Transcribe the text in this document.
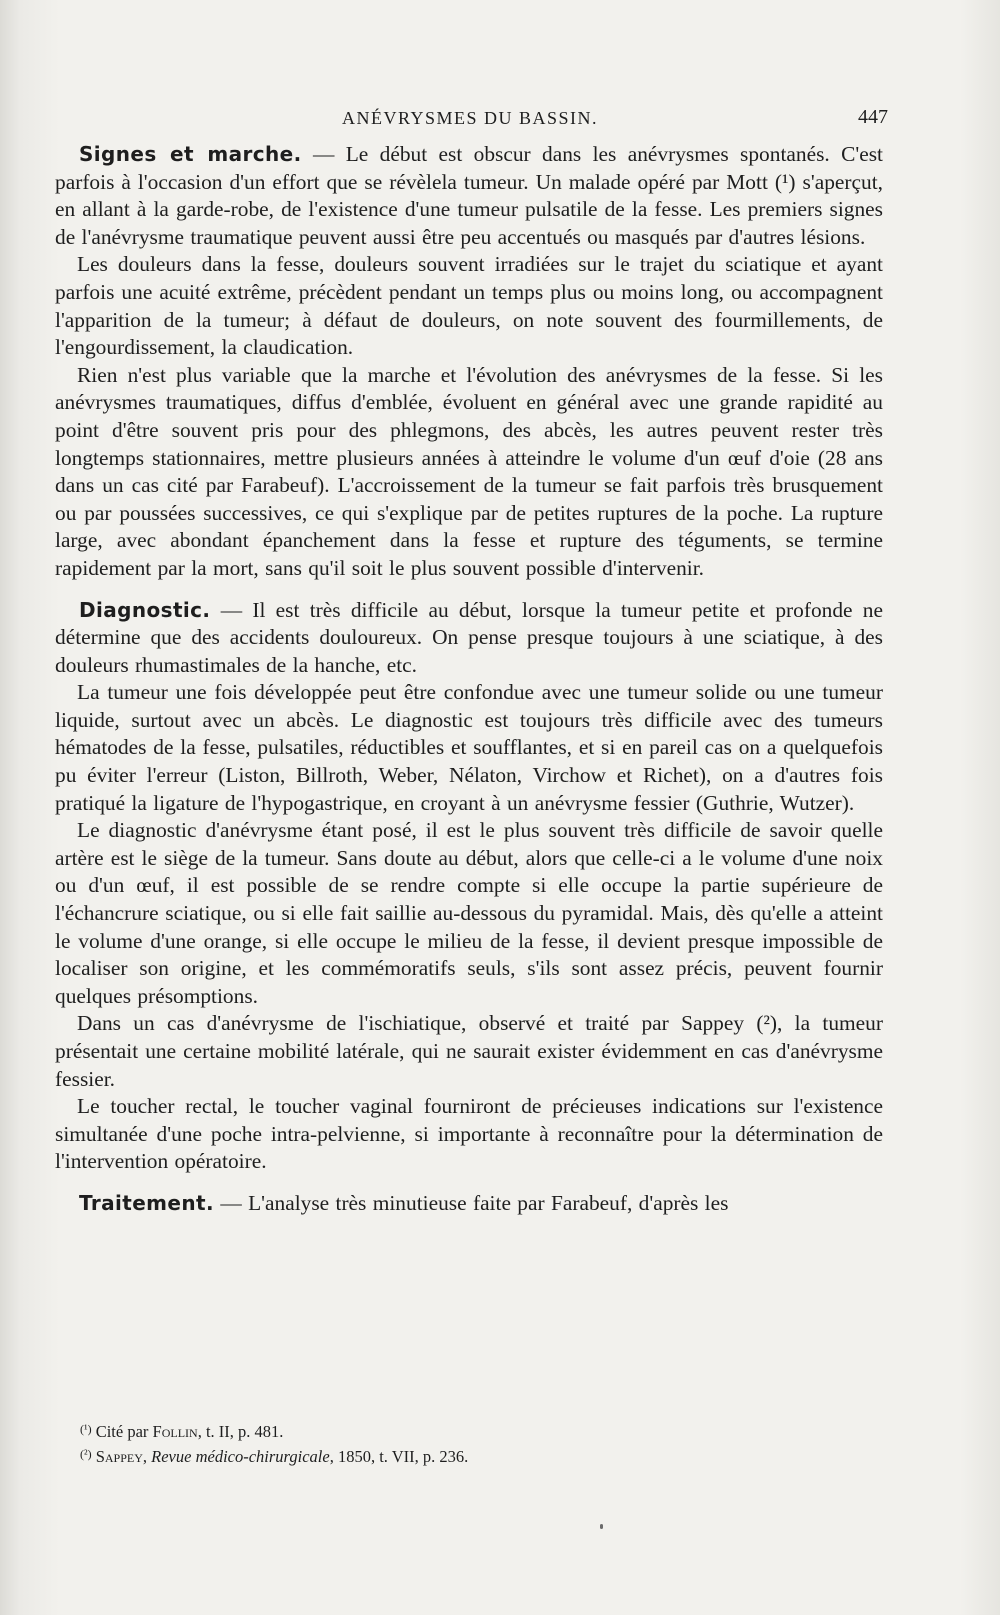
ANÉVRYSMES DU BASSIN.	447

Signes et marche. — Le début est obscur dans les anévrysmes spontanés. C'est parfois à l'occasion d'un effort que se révèlela tumeur. Un malade opéré par Mott (¹) s'aperçut, en allant à la garde-robe, de l'existence d'une tumeur pulsatile de la fesse. Les premiers signes de l'anévrysme traumatique peuvent aussi être peu accentués ou masqués par d'autres lésions.

Les douleurs dans la fesse, douleurs souvent irradiées sur le trajet du sciatique et ayant parfois une acuité extrême, précèdent pendant un temps plus ou moins long, ou accompagnent l'apparition de la tumeur; à défaut de douleurs, on note souvent des fourmillements, de l'engourdissement, la claudication.

Rien n'est plus variable que la marche et l'évolution des anévrysmes de la fesse. Si les anévrysmes traumatiques, diffus d'emblée, évoluent en général avec une grande rapidité au point d'être souvent pris pour des phlegmons, des abcès, les autres peuvent rester très longtemps stationnaires, mettre plusieurs années à atteindre le volume d'un œuf d'oie (28 ans dans un cas cité par Farabeuf). L'accroissement de la tumeur se fait parfois très brusquement ou par poussées successives, ce qui s'explique par de petites ruptures de la poche. La rupture large, avec abondant épanchement dans la fesse et rupture des téguments, se termine rapidement par la mort, sans qu'il soit le plus souvent possible d'intervenir.

Diagnostic. — Il est très difficile au début, lorsque la tumeur petite et profonde ne détermine que des accidents douloureux. On pense presque toujours à une sciatique, à des douleurs rhumastimales de la hanche, etc.

La tumeur une fois développée peut être confondue avec une tumeur solide ou une tumeur liquide, surtout avec un abcès. Le diagnostic est toujours très difficile avec des tumeurs hématodes de la fesse, pulsatiles, réductibles et soufflantes, et si en pareil cas on a quelquefois pu éviter l'erreur (Liston, Billroth, Weber, Nélaton, Virchow et Richet), on a d'autres fois pratiqué la ligature de l'hypogastrique, en croyant à un anévrysme fessier (Guthrie, Wutzer).

Le diagnostic d'anévrysme étant posé, il est le plus souvent très difficile de savoir quelle artère est le siège de la tumeur. Sans doute au début, alors que celle-ci a le volume d'une noix ou d'un œuf, il est possible de se rendre compte si elle occupe la partie supérieure de l'échancrure sciatique, ou si elle fait saillie au-dessous du pyramidal. Mais, dès qu'elle a atteint le volume d'une orange, si elle occupe le milieu de la fesse, il devient presque impossible de localiser son origine, et les commémoratifs seuls, s'ils sont assez précis, peuvent fournir quelques présomptions.

Dans un cas d'anévrysme de l'ischiatique, observé et traité par Sappey (²), la tumeur présentait une certaine mobilité latérale, qui ne saurait exister évidemment en cas d'anévrysme fessier.

Le toucher rectal, le toucher vaginal fourniront de précieuses indications sur l'existence simultanée d'une poche intra-pelvienne, si importante à reconnaître pour la détermination de l'intervention opératoire.

Traitement. — L'analyse très minutieuse faite par Farabeuf, d'après les

$^{(^1)}$ Cité par Follin, t. II, p. 481.

$^{(^2)}$ Sappey, Revue médico-chirurgicale, 1850, t. VII, p. 236.
